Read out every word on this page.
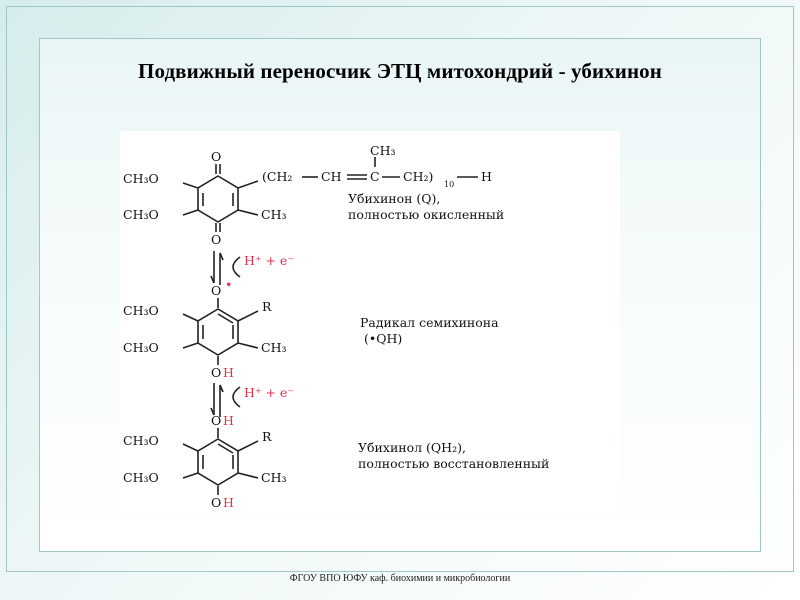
Подвижный переносчик ЭТЦ митохондрий - убихинон
O
O
CH₃O
CH₃O	CH₃
(CH₂ CH C
CH₃
CH₂)
10
H
Убихинон (Q),
полностью окисленный
H⁺ + e⁻
O •
R
CH₃O
CH₃O	CH₃
O H
Радикал семихинона
(•QH)
H⁺ + e⁻
O H
R
CH₃O
CH₃O	CH₃
O H
Убихинол (QH₂),
полностью восстановленный
ФГОУ ВПО ЮФУ каф. биохимии и микробиологии
